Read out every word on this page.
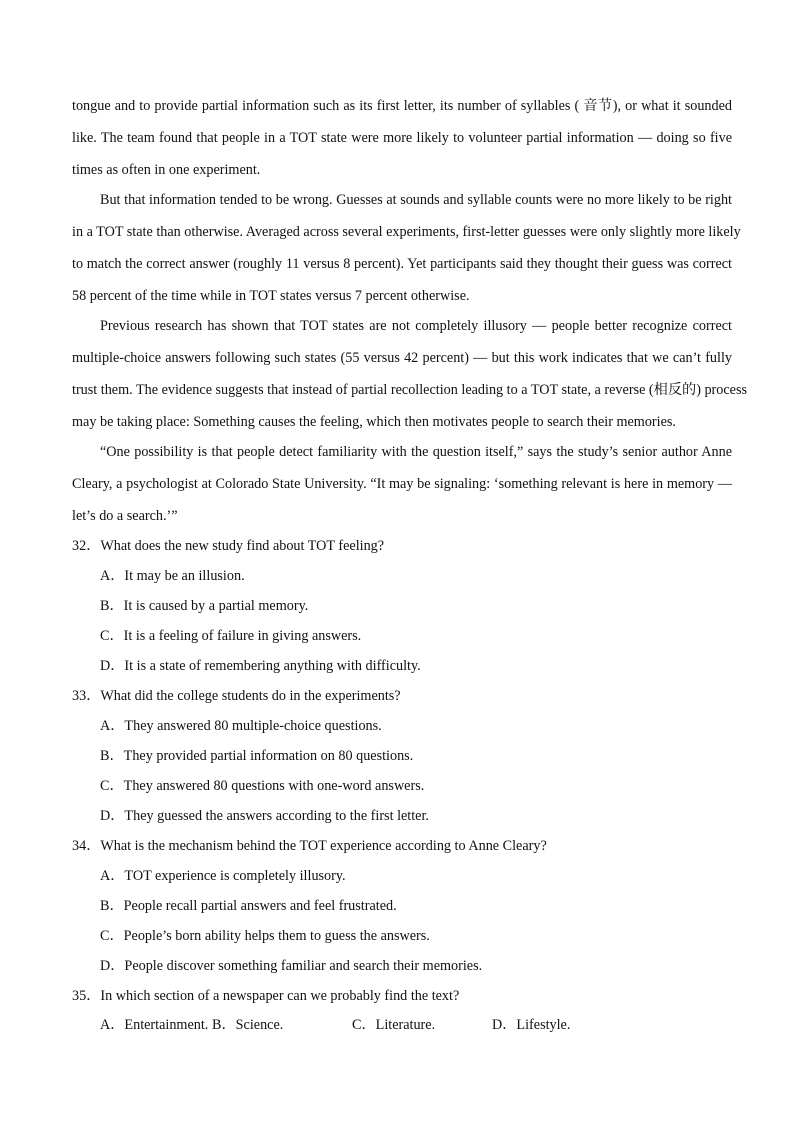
tongue and to provide partial information such as its first letter, its number of syllables ( 音节), or what it sounded
like. The team found that people in a TOT state were more likely to volunteer partial information — doing so five
times as often in one experiment.
But that information tended to be wrong. Guesses at sounds and syllable counts were no more likely to be right
in a TOT state than otherwise. Averaged across several experiments, first-letter guesses were only slightly more likely
to match the correct answer (roughly 11 versus 8 percent). Yet participants said they thought their guess was correct
58 percent of the time while in TOT states versus 7 percent otherwise.
Previous research has shown that TOT states are not completely illusory — people better recognize correct
multiple-choice answers following such states (55 versus 42 percent) — but this work indicates that we can’t fully
trust them. The evidence suggests that instead of partial recollection leading to a TOT state, a reverse (相反的) process
may be taking place: Something causes the feeling, which then motivates people to search their memories.
“One possibility is that people detect familiarity with the question itself,” says the study’s senior author Anne
Cleary, a psychologist at Colorado State University. “It may be signaling: ‘something relevant is here in memory —
let’s do a search.’”
32．What does the new study find about TOT feeling?
A．It may be an illusion.
B．It is caused by a partial memory.
C．It is a feeling of failure in giving answers.
D．It is a state of remembering anything with difficulty.
33．What did the college students do in the experiments?
A．They answered 80 multiple-choice questions.
B．They provided partial information on 80 questions.
C．They answered 80 questions with one-word answers.
D．They guessed the answers according to the first letter.
34．What is the mechanism behind the TOT experience according to Anne Cleary?
A．TOT experience is completely illusory.
B．People recall partial answers and feel frustrated.
C．People’s born ability helps them to guess the answers.
D．People discover something familiar and search their memories.
35．In which section of a newspaper can we probably find the text?
A．Entertainment. B．Science.	C．Literature.	D．Lifestyle.
